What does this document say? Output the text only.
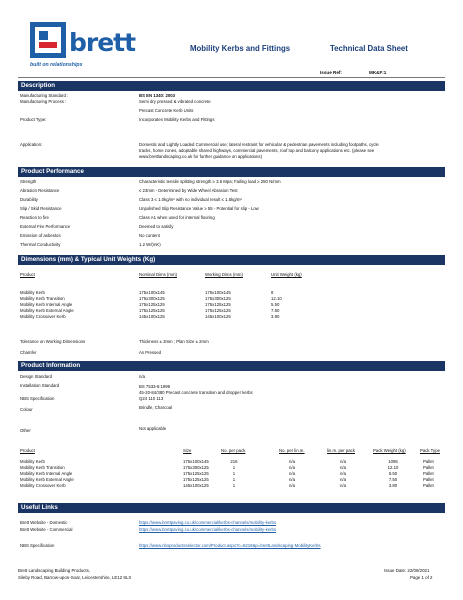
brett
built on relationships
Mobility Kerbs and Fittings	Technical Data Sheet
Issue Ref:	MK&F:1
Description
Manufacturing Standard :	BS EN 1340: 2003
Manufacturing Process :	Semi dry pressed & vibrated concrete
Precast Concrete Kerb Units
Product Type:	Incorporates Mobility Kerbs and Fittings
Application:	Domestic and Lightly Loaded Commercial use; lateral restraint for vehicular & pedestrian pavements including footpaths, cycle
tracks, home zones, adoptable shared highways, commercial pavements, roof top and balcony applications etc. (please see
www.brettlandscaping.co.uk for further guidance on applications)
Product Performance
Strength	Characteristic tensile splitting strength ≥ 3.6 Mpa; Failing load ≥ 250 N/mm
Abrasion Resistance	≤ 23mm - Determined by Wide Wheel Abrasion Test
Durability	Class 3 ≤ 1.0kg/m² with no individual result ≤ 1.5kg/m²
Slip / Skid Resistance	Unpolished Slip Resistance Value ≥ 55 - Potential for slip - Low
Reaction to fire	Class A1 when used for internal flooring
External Fire Performance	Deemed to satisfy
Emission of asbestos	No content
Thermal Conductivity	1.2 W/(mK)
Dimensions (mm) & Typical Unit Weights (Kg)
Product	Nominal Dims (mm)	Working Dims (mm)	Unit Weight (kg)
Mobility Kerb	175x100x145	175x100x145	8
Mobility Kerb Transition	175x300x125	175x300x125	12.10
Mobility Kerb Internal Angle	175x125x125	175x125x125	5.50
Mobility Kerb External Angle	175x125x125	175x125x125	7.50
Mobility Crossover Kerb	145x100x125	145x100x125	3.80
Tolerance on Working Dimensions	Thickness ± 3mm ; Plan Size ± 2mm
Chamfer	As Pressed
Product Information
Design Standard	n/a
Installation Standard	BS 7533-6:1999
NBS Specification
45-20-84/380 Precast concrete transition and dropper kerbs
Q24 110 113
Colour	Brindle, Charcoal
Other	Not applicable
Product	Size	No. per pack	No. per lin.m.	lin.m. per pack	Pack Weight (kg)	Pack Type
Mobility Kerb	175x100x145	216	n/a	n/a	1095	Pallet
Mobility Kerb Transition	175x300x125	1	n/a	n/a	12.10	Pallet
Mobility Kerb Internal Angle	175x125x125	1	n/a	n/a	5.50	Pallet
Mobility Kerb External Angle	175x125x125	1	n/a	n/a	7.50	Pallet
Mobility Crossover Kerb	145x100x125	1	n/a	n/a	3.80	Pallet
Useful Links
Brett Website - Domestic	https://www.brettpaving.co.uk/commercial/kerbs-channels/mobility-kerbs
Brett Website - Commercial	https://www.brettpaving.co.uk/commercial/kerbs-channels/mobility-kerbs
NBS Specification	https://www.nbsproductsselector.com/Product.aspx?c=6218&p=brettLandscaping-MobilityKerbs
Brett Landscaping Building Products,
Sileby Road, Barrow-upon-Soar, Leicestershire, LE12 8LX
Issue Date: 22/09/2021
Page 1 of 2
